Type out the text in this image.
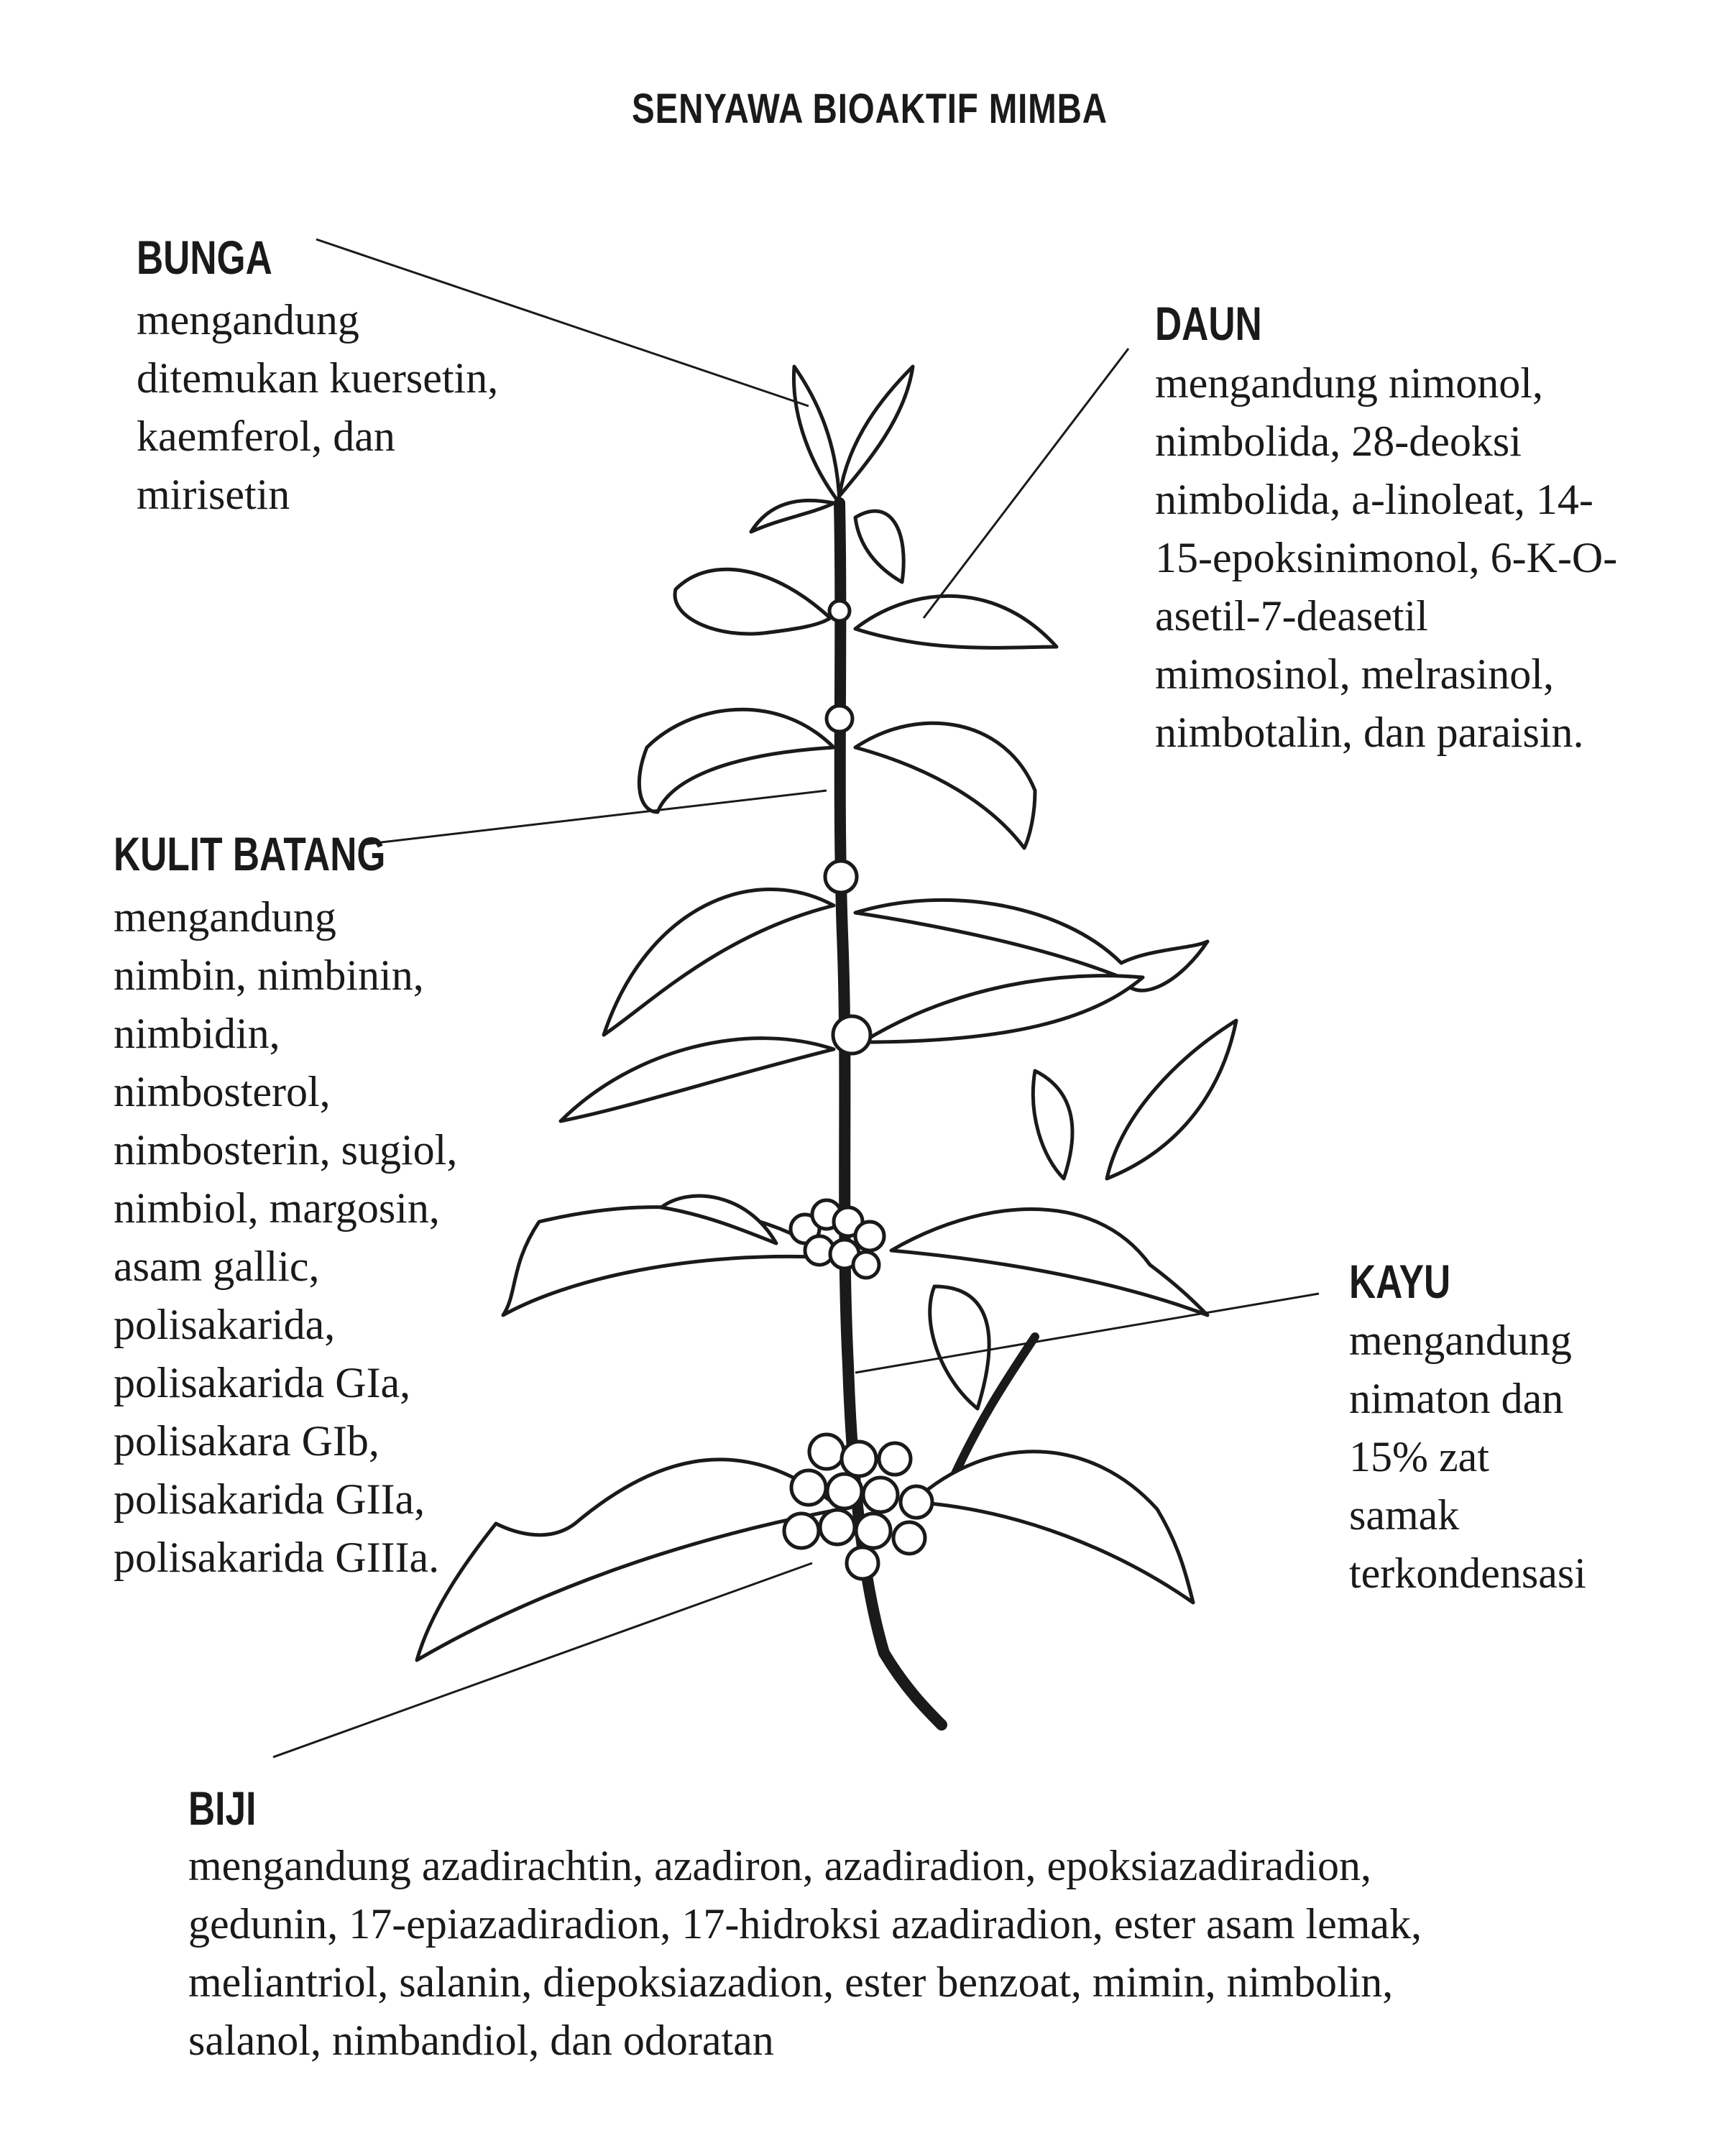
SENYAWA BIOAKTIF MIMBA
BUNGA
mengandung
ditemukan kuersetin,
kaemferol, dan
mirisetin
DAUN
mengandung nimonol,
nimbolida, 28-deoksi
nimbolida, a-linoleat, 14-
15-epoksinimonol, 6-K-O-
asetil-7-deasetil
mimosinol, melrasinol,
nimbotalin, dan paraisin.
KULIT BATANG
mengandung
nimbin, nimbinin,
nimbidin,
nimbosterol,
nimbosterin, sugiol,
nimbiol, margosin,
asam gallic,
polisakarida,
polisakarida GIa,
polisakara GIb,
polisakarida GIIa,
polisakarida GIIIa.
KAYU
mengandung
nimaton dan
15% zat
samak
terkondensasi
BIJI
mengandung azadirachtin, azadiron, azadiradion, epoksiazadiradion,
gedunin, 17-epiazadiradion, 17-hidroksi azadiradion, ester asam lemak,
meliantriol, salanin, diepoksiazadion, ester benzoat, mimin, nimbolin,
salanol, nimbandiol, dan odoratan
